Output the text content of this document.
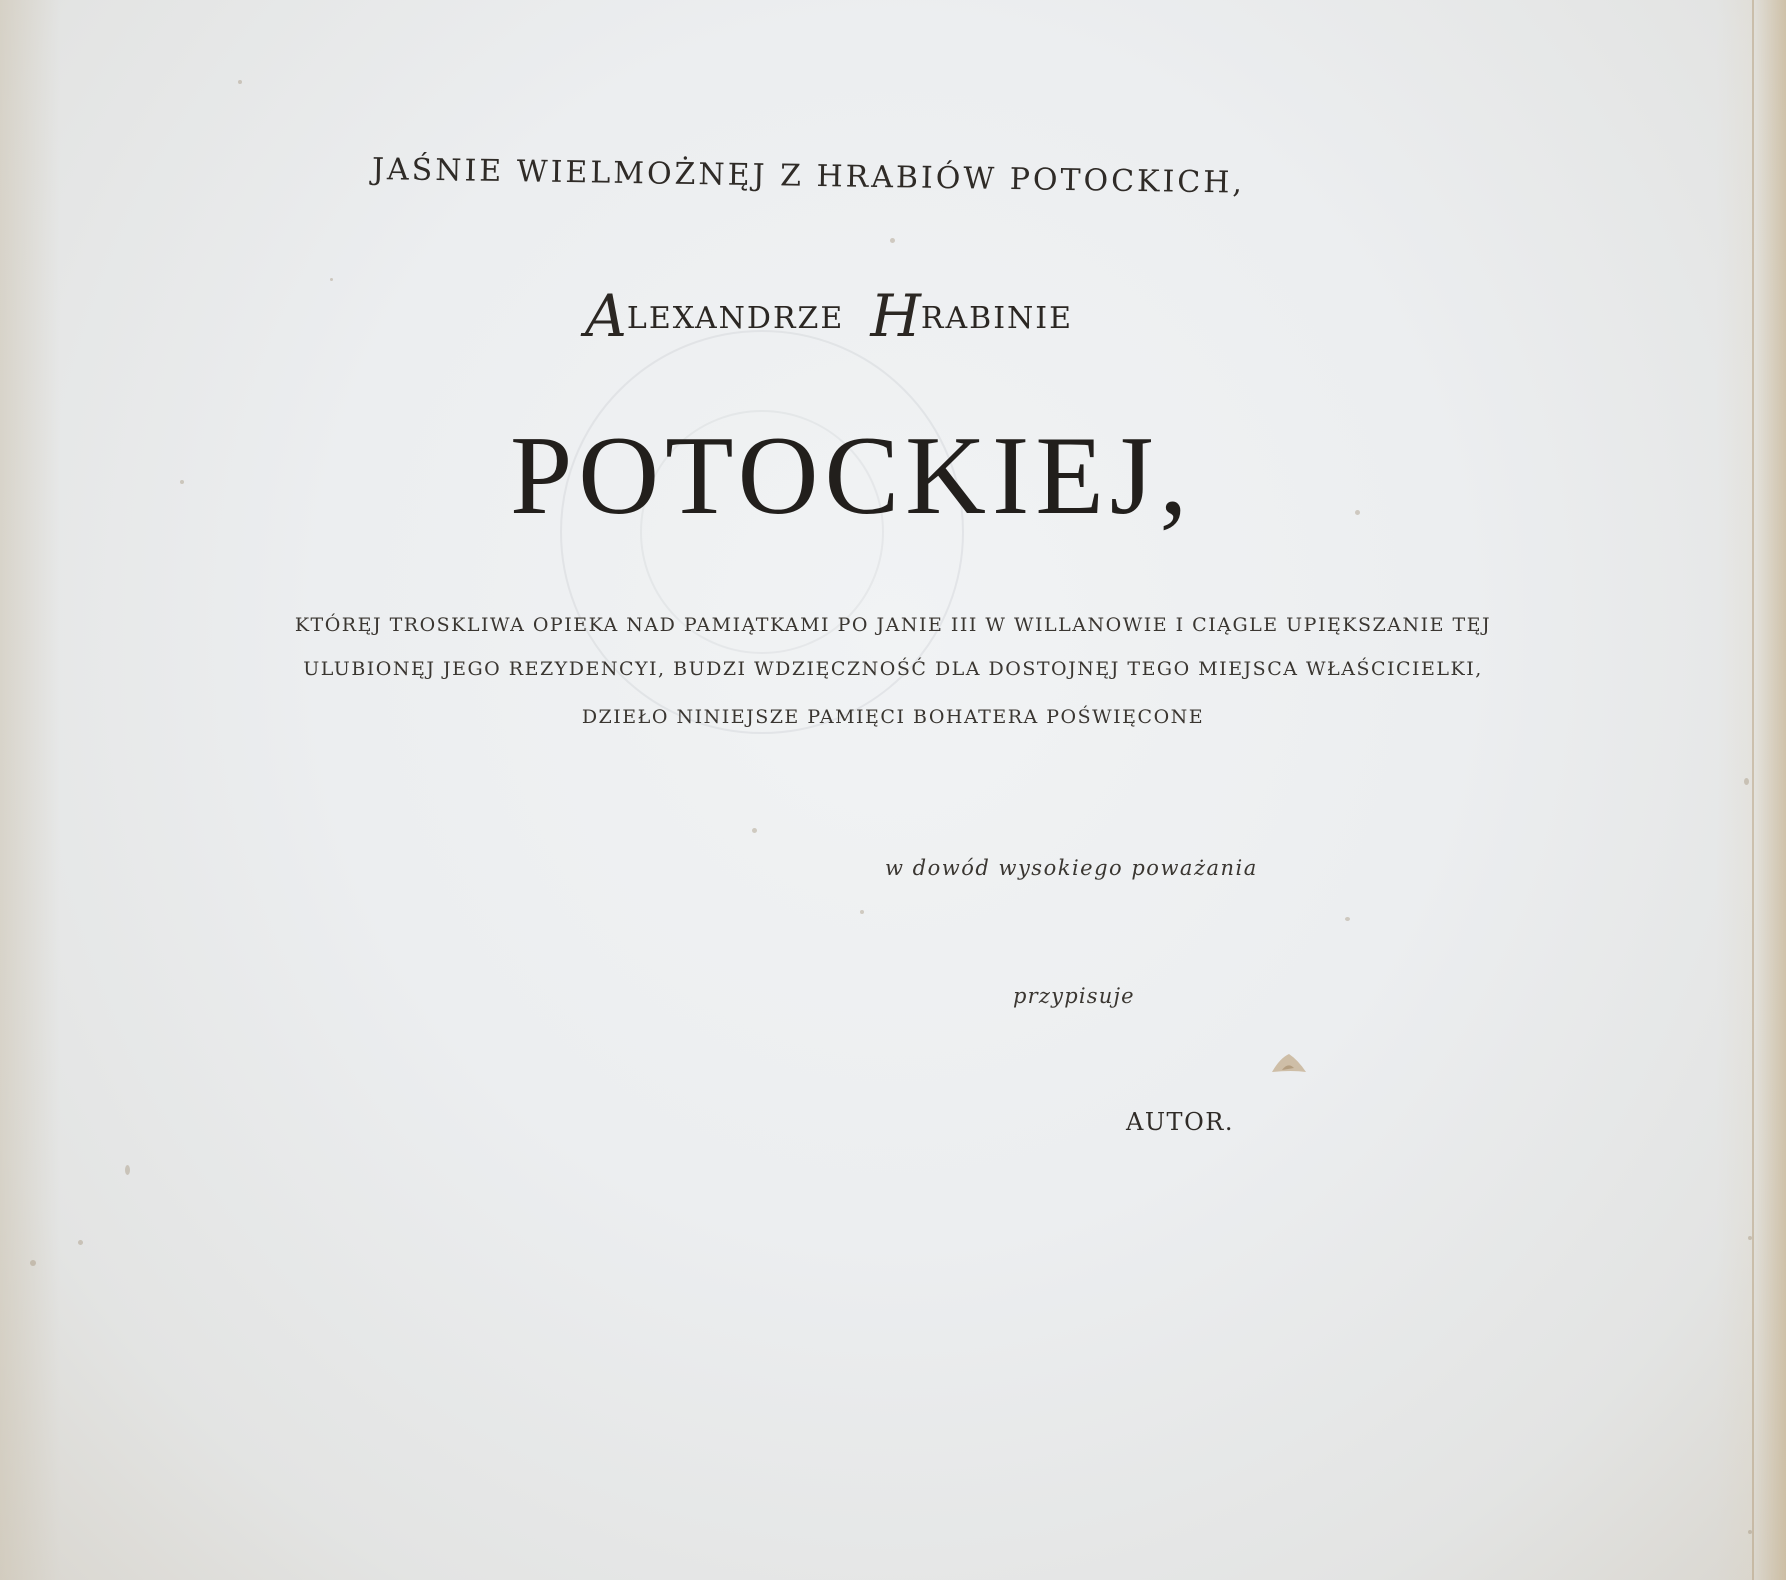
JAŚNIE WIELMOŻNĘJ Z HRABIÓW POTOCKICH,
ALEXANDRZE HRABINIE
POTOCKIEJ,
KTÓRĘJ TROSKLIWA OPIEKA NAD PAMIĄTKAMI PO JANIE III W WILLANOWIE I CIĄGLE UPIĘKSZANIE TĘJ
ULUBIONĘJ JEGO REZYDENCYI, BUDZI WDZIĘCZNOŚĆ DLA DOSTOJNĘJ TEGO MIEJSCA WŁAŚCICIELKI,
DZIEŁO NINIEJSZE PAMIĘCI BOHATERA POŚWIĘCONE
w dowód wysokiego poważania
przypisuje
AUTOR.
